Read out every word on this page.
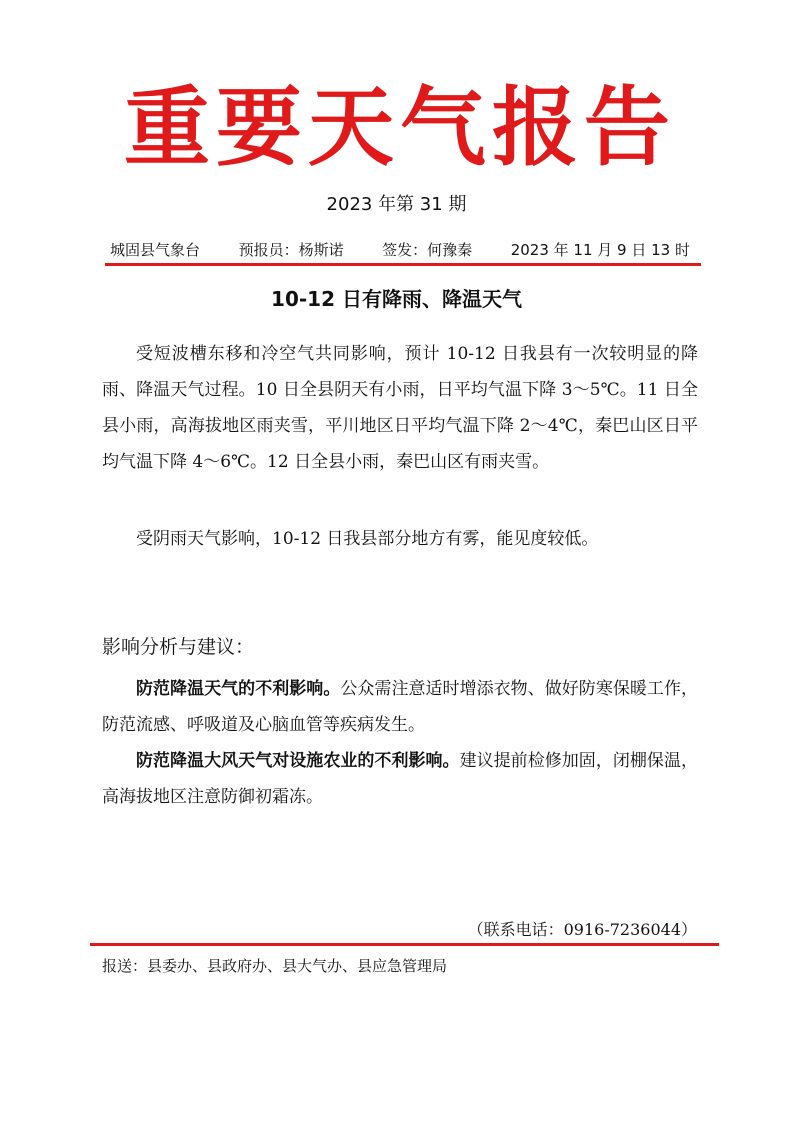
重要天气报告
2023 年第 31 期
城固县气象台	预报员：杨斯诺	签发：何豫秦	2023 年 11 月 9 日 13 时
10-12 日有降雨、降温天气

受短波槽东移和冷空气共同影响，预计 10-12 日我县有一次较明显的降雨、降温天气过程。10 日全县阴天有小雨，日平均气温下降 3～5℃。11 日全县小雨，高海拔地区雨夹雪，平川地区日平均气温下降 2～4℃，秦巴山区日平均气温下降 4～6℃。12 日全县小雨，秦巴山区有雨夹雪。

受阴雨天气影响，10-12 日我县部分地方有雾，能见度较低。

影响分析与建议：

防范降温天气的不利影响。公众需注意适时增添衣物、做好防寒保暖工作，防范流感、呼吸道及心脑血管等疾病发生。

防范降温大风天气对设施农业的不利影响。建议提前检修加固，闭棚保温，高海拔地区注意防御初霜冻。

（联系电话：0916-7236044）
报送：县委办、县政府办、县大气办、县应急管理局
